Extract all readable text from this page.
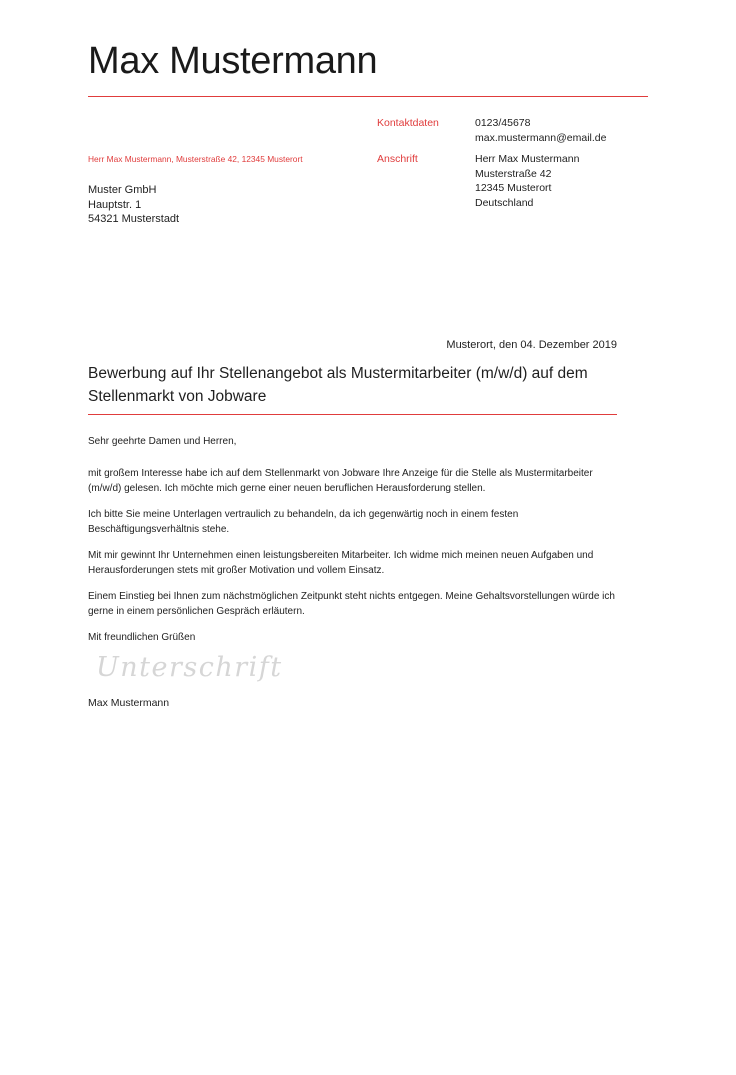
Max Mustermann
Kontaktdaten	0123/45678
max.mustermann@email.de
Herr Max Mustermann, Musterstraße 42, 12345 Musterort	Anschrift	Herr Max Mustermann
Musterstraße 42
12345 Musterort
Deutschland
Muster GmbH
Hauptstr. 1
54321 Musterstadt
Musterort, den 04. Dezember 2019
Bewerbung auf Ihr Stellenangebot als Mustermitarbeiter (m/w/d) auf dem Stellenmarkt von Jobware

Sehr geehrte Damen und Herren,

mit großem Interesse habe ich auf dem Stellenmarkt von Jobware Ihre Anzeige für die Stelle als Mustermitarbeiter (m/w/d) gelesen. Ich möchte mich gerne einer neuen beruflichen Herausforderung stellen.

Ich bitte Sie meine Unterlagen vertraulich zu behandeln, da ich gegenwärtig noch in einem festen Beschäftigungsverhältnis stehe.

Mit mir gewinnt Ihr Unternehmen einen leistungsbereiten Mitarbeiter. Ich widme mich meinen neuen Aufgaben und Herausforderungen stets mit großer Motivation und vollem Einsatz.

Einem Einstieg bei Ihnen zum nächstmöglichen Zeitpunkt steht nichts entgegen. Meine Gehaltsvorstellungen würde ich gerne in einem persönlichen Gespräch erläutern.

Mit freundlichen Grüßen

Unterschrift
Max Mustermann
